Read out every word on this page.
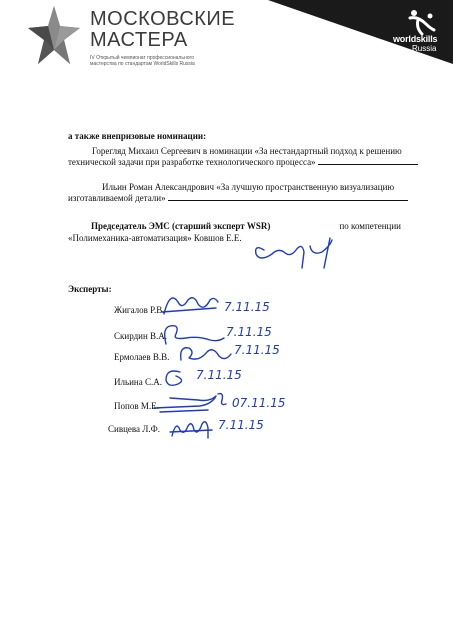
МОСКОВСКИЕ
МАСТЕРА
IV Открытый чемпионат профессионального мастерства по стандартам WorldSkills Russia
worldskills
Russia
а также внепризовые номинации:
Горегляд Михаил Сергеевич в номинации «За нестандартный подход к решению
технической задачи при разработке технологического процесса»
Ильин Роман Александрович «За лучшую пространственную визуализацию
изготавливаемой детали»
Председатель ЭМС (старший эксперт WSR)	по компетенции
«Полимеханика-автоматизация» Ковшов Е.Е.
Эксперты:
Жигалов Р.В.	7.11.15
Скирдин В.А.	7.11.15
Ермолаев В.В.	7.11.15
Ильина С.А.	7.11.15
Попов М.Е.	07.11.15
Сивцева Л.Ф.	7.11.15
